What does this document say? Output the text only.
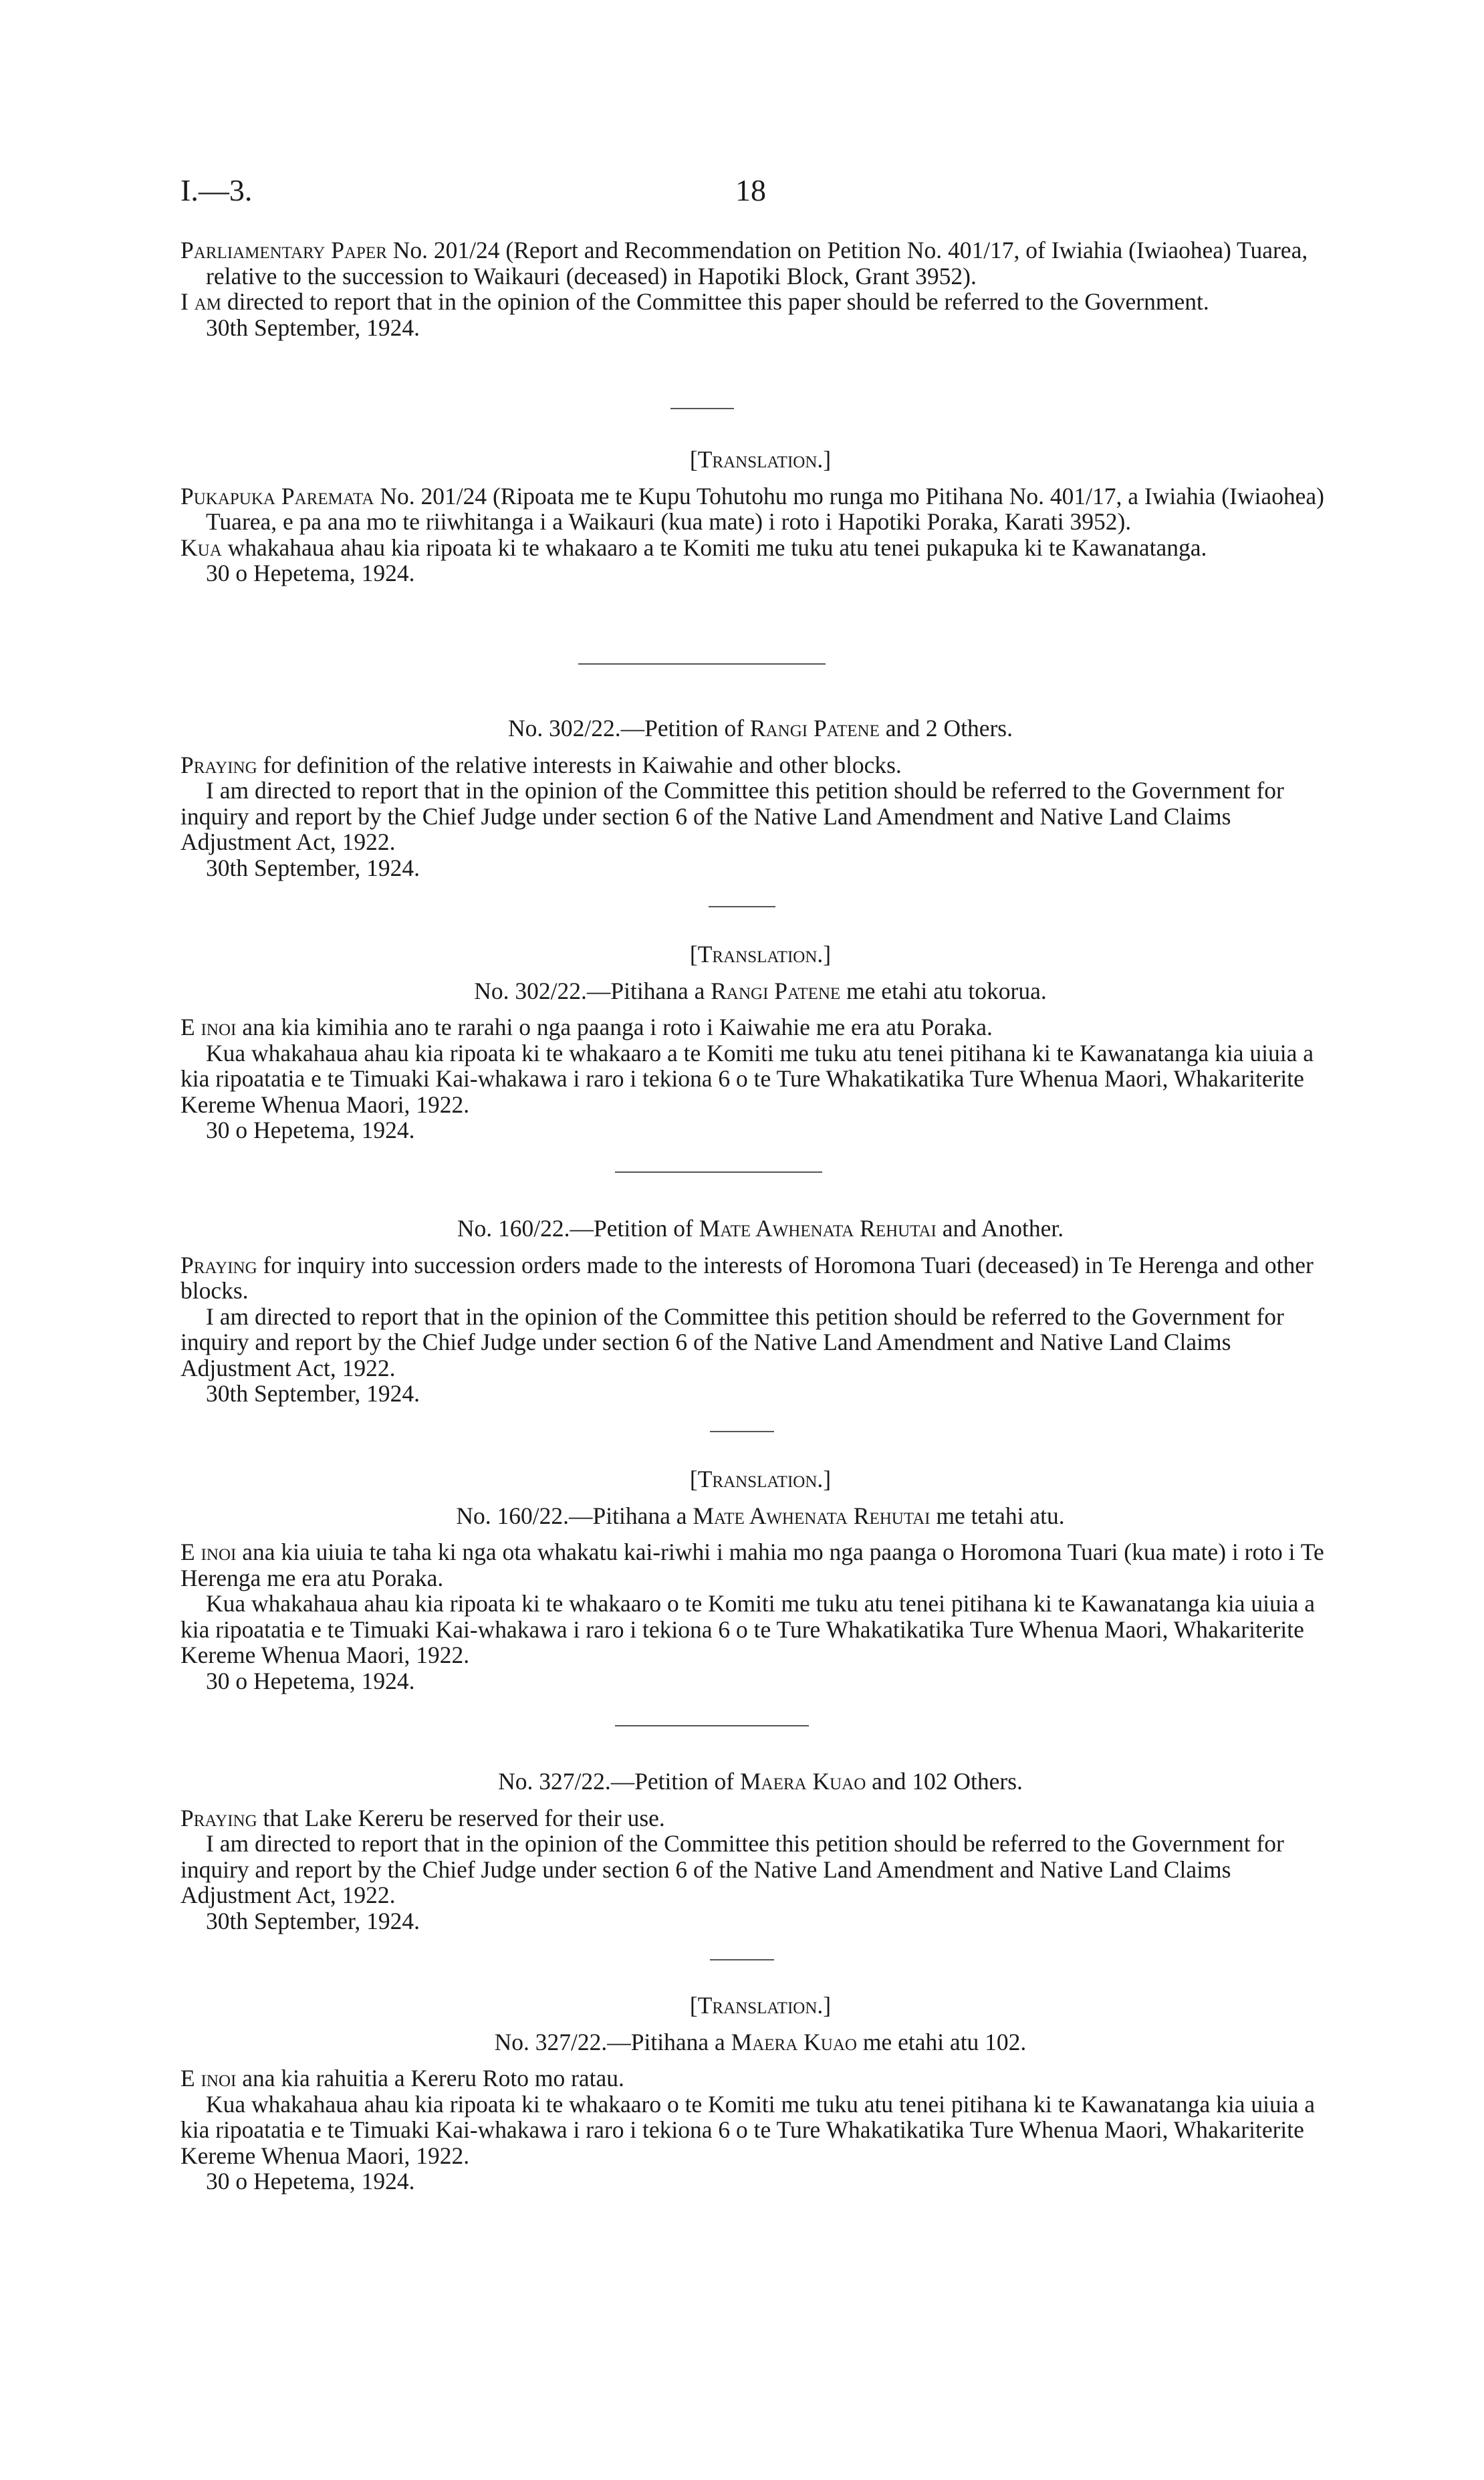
I.—3.	18

Parliamentary Paper No. 201/24 (Report and Recommendation on Petition No. 401/17, of Iwiahia (Iwiaohea) Tuarea, relative to the succession to Waikauri (deceased) in Hapotiki Block, Grant 3952).

I am directed to report that in the opinion of the Committee this paper should be referred to the Government.

30th September, 1924.

[Translation.]

Pukapuka Paremata No. 201/24 (Ripoata me te Kupu Tohutohu mo runga mo Pitihana No. 401/17, a Iwiahia (Iwiaohea) Tuarea, e pa ana mo te riiwhitanga i a Waikauri (kua mate) i roto i Hapotiki Poraka, Karati 3952).

Kua whakahaua ahau kia ripoata ki te whakaaro a te Komiti me tuku atu tenei pukapuka ki te Kawanatanga.

30 o Hepetema, 1924.

No. 302/22.—Petition of Rangi Patene and 2 Others.

Praying for definition of the relative interests in Kaiwahie and other blocks.

I am directed to report that in the opinion of the Committee this petition should be referred to the Government for inquiry and report by the Chief Judge under section 6 of the Native Land Amendment and Native Land Claims Adjustment Act, 1922.

30th September, 1924.

[Translation.]

No. 302/22.—Pitihana a Rangi Patene me etahi atu tokorua.

E inoi ana kia kimihia ano te rarahi o nga paanga i roto i Kaiwahie me era atu Poraka.

Kua whakahaua ahau kia ripoata ki te whakaaro a te Komiti me tuku atu tenei pitihana ki te Kawanatanga kia uiuia a kia ripoatatia e te Timuaki Kai-whakawa i raro i tekiona 6 o te Ture Whakatikatika Ture Whenua Maori, Whakariterite Kereme Whenua Maori, 1922.

30 o Hepetema, 1924.

No. 160/22.—Petition of Mate Awhenata Rehutai and Another.

Praying for inquiry into succession orders made to the interests of Horomona Tuari (deceased) in Te Herenga and other blocks.

I am directed to report that in the opinion of the Committee this petition should be referred to the Government for inquiry and report by the Chief Judge under section 6 of the Native Land Amendment and Native Land Claims Adjustment Act, 1922.

30th September, 1924.

[Translation.]

No. 160/22.—Pitihana a Mate Awhenata Rehutai me tetahi atu.

E inoi ana kia uiuia te taha ki nga ota whakatu kai-riwhi i mahia mo nga paanga o Horomona Tuari (kua mate) i roto i Te Herenga me era atu Poraka.

Kua whakahaua ahau kia ripoata ki te whakaaro o te Komiti me tuku atu tenei pitihana ki te Kawanatanga kia uiuia a kia ripoatatia e te Timuaki Kai-whakawa i raro i tekiona 6 o te Ture Whakatikatika Ture Whenua Maori, Whakariterite Kereme Whenua Maori, 1922.

30 o Hepetema, 1924.

No. 327/22.—Petition of Maera Kuao and 102 Others.

Praying that Lake Kereru be reserved for their use.

I am directed to report that in the opinion of the Committee this petition should be referred to the Government for inquiry and report by the Chief Judge under section 6 of the Native Land Amendment and Native Land Claims Adjustment Act, 1922.

30th September, 1924.

[Translation.]

No. 327/22.—Pitihana a Maera Kuao me etahi atu 102.

E inoi ana kia rahuitia a Kereru Roto mo ratau.

Kua whakahaua ahau kia ripoata ki te whakaaro o te Komiti me tuku atu tenei pitihana ki te Kawanatanga kia uiuia a kia ripoatatia e te Timuaki Kai-whakawa i raro i tekiona 6 o te Ture Whakatikatika Ture Whenua Maori, Whakariterite Kereme Whenua Maori, 1922.

30 o Hepetema, 1924.
